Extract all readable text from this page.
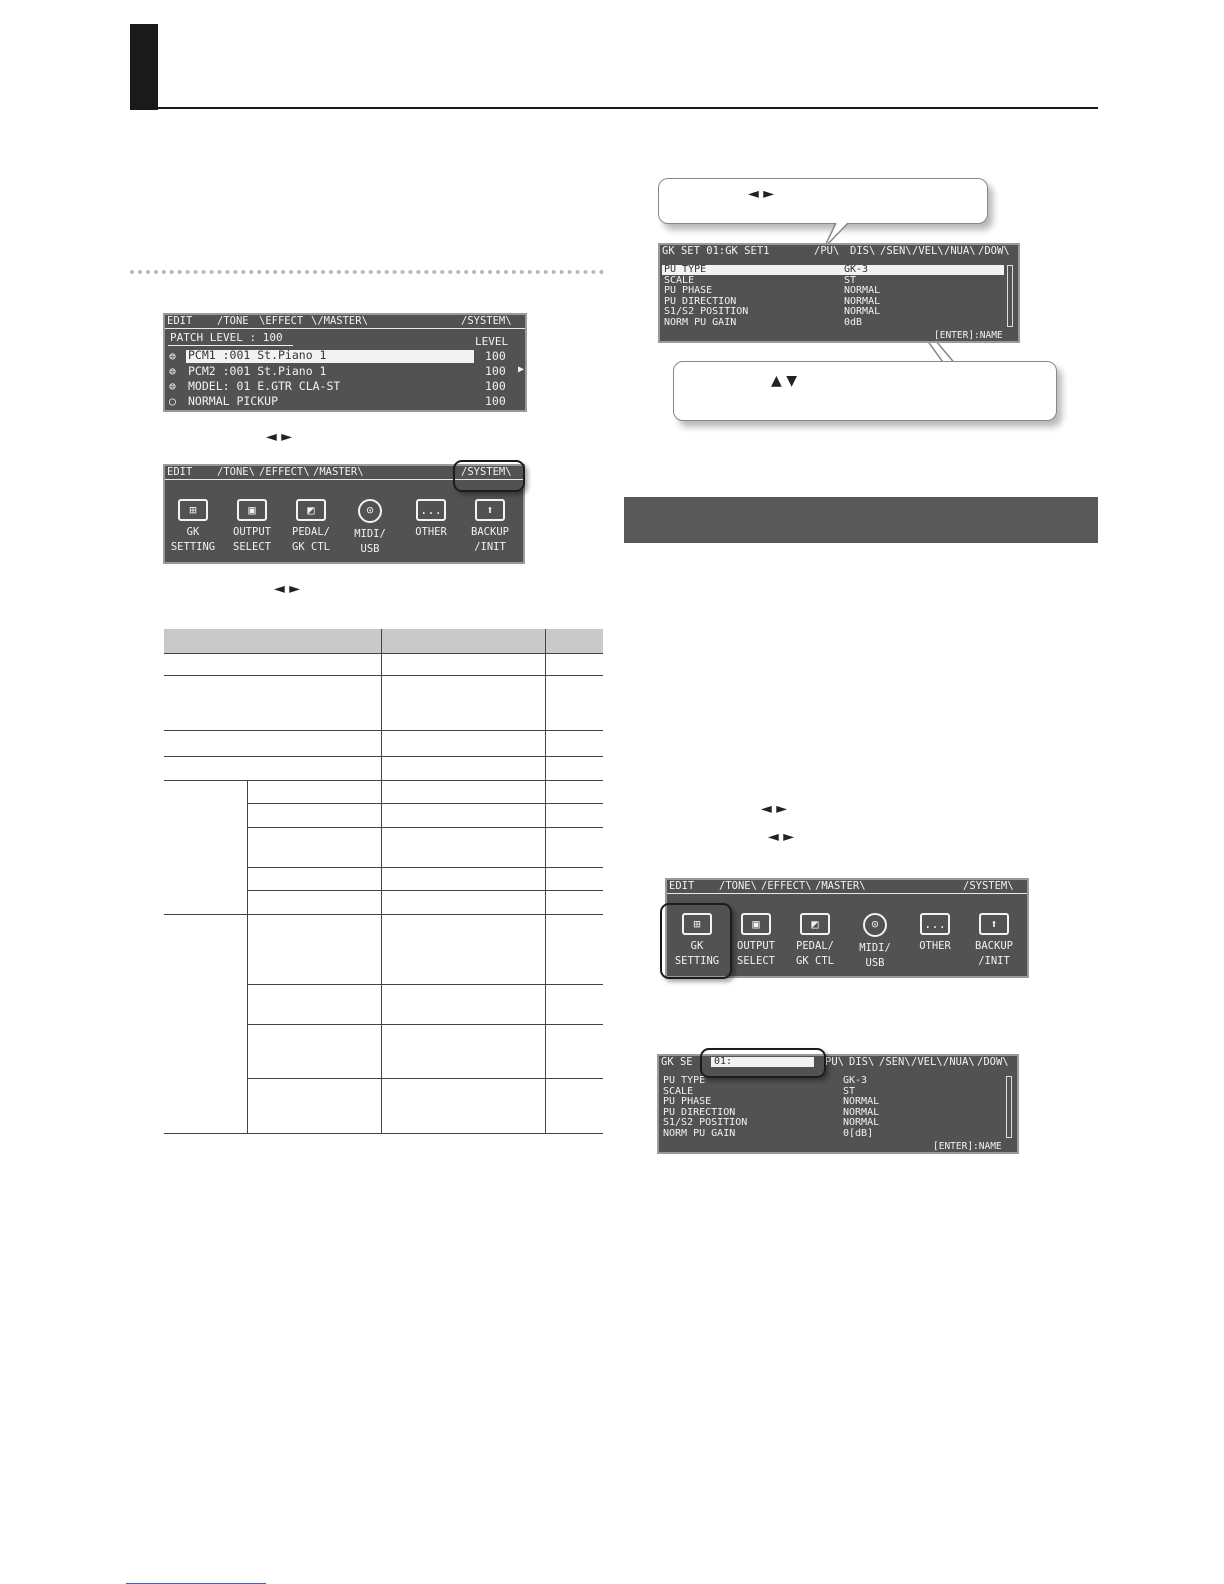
EDIT /TONE \EFFECT \/MASTER\	/SYSTEM\
PATCH LEVEL : 100	LEVEL
⊜ PCM1 :001 St.Piano 1	100
⊜ PCM2 :001 St.Piano 1	100 ▶
⊜ MODEL: 01 E.GTR CLA-ST	100
○ NORMAL PICKUP	100
◄ ►
EDIT /TONE\ /EFFECT\ /MASTER\	/SYSTEM\
⊞
GK
SETTING
▣
OUTPUT
SELECT
◩
PEDAL/
GK CTL
⊙
MIDI/
USB
...
OTHER
⬆
BACKUP
/INIT
◄ ►
◄ ►
GK SET 01:GK SET1	/PU\ DIS\ /SEN\ /VEL\ /NUA\ /DOW\
PU TYPE	GK-3
SCALE	ST
PU PHASE	NORMAL
PU DIRECTION	NORMAL
S1/S2 POSITION	NORMAL
NORM PU GAIN	0dB
[ENTER]:NAME
▲ ▼
◄ ►
◄ ►
EDIT /TONE\ /EFFECT\ /MASTER\	/SYSTEM\
⊞
GK
SETTING
▣
OUTPUT
SELECT
◩
PEDAL/
GK CTL
⊙
MIDI/
USB
...
OTHER
⬆
BACKUP
/INIT
GK SE	01:	PU\ DIS\ /SEN\ /VEL\ /NUA\ /DOW\
PU TYPE	GK-3
SCALE	ST
PU PHASE	NORMAL
PU DIRECTION	NORMAL
S1/S2 POSITION	NORMAL
NORM PU GAIN	0[dB]
[ENTER]:NAME
